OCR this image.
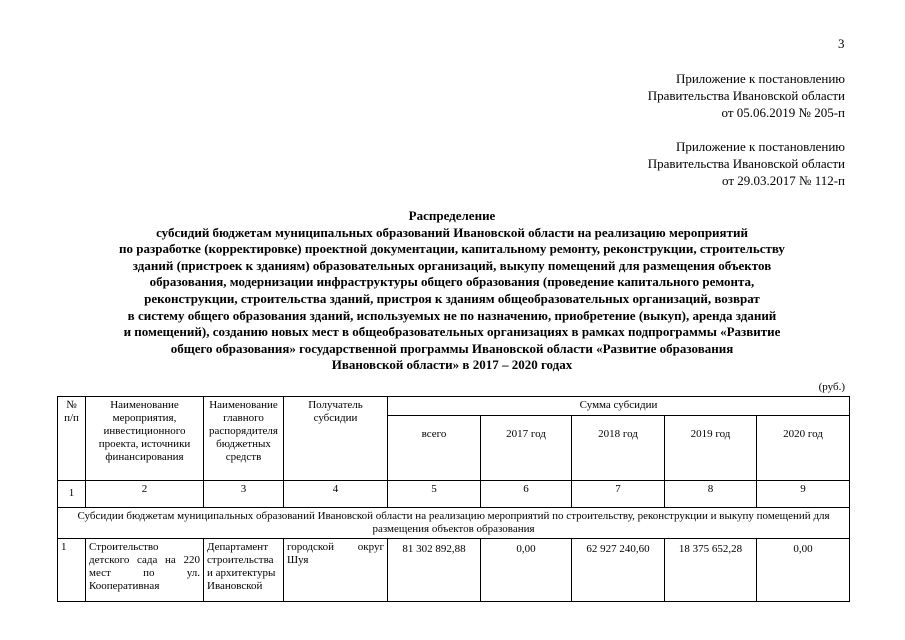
3
Приложение к постановлению
Правительства Ивановской области
от 05.06.2019 № 205-п
Приложение к постановлению
Правительства Ивановской области
от 29.03.2017 № 112-п
Распределение
субсидий бюджетам муниципальных образований Ивановской области на реализацию мероприятий
по разработке (корректировке) проектной документации, капитальному ремонту, реконструкции, строительству
зданий (пристроек к зданиям) образовательных организаций, выкупу помещений для размещения объектов
образования, модернизации инфраструктуры общего образования (проведение капитального ремонта,
реконструкции, строительства зданий, пристроя к зданиям общеобразовательных организаций, возврат
в систему общего образования зданий, используемых не по назначению, приобретение (выкуп), аренда зданий
и помещений), созданию новых мест в общеобразовательных организациях в рамках подпрограммы «Развитие
общего образования» государственной программы Ивановской области «Развитие образования
Ивановской области» в 2017 – 2020 годах
(руб.)
№ п/п	Наименование мероприятия, инвестиционного проекта, источники финансирования	Наименование главного распорядителя бюджетных средств	Получатель субсидии	Сумма субсидии				
				всего	2017 год	2018 год	2019 год	2020 год
1	2	3	4	5	6	7	8	9
Субсидии бюджетам муниципальных образований Ивановской области на реализацию мероприятий по строительству, реконструкции и выкупу помещений для размещения объектов образования								
1	Строительство детского сада на 220 мест по ул. Кооперативная	Департамент строительства и архитектуры Ивановской	городской округ Шуя	81 302 892,88	0,00	62 927 240,60	18 375 652,28	0,00
